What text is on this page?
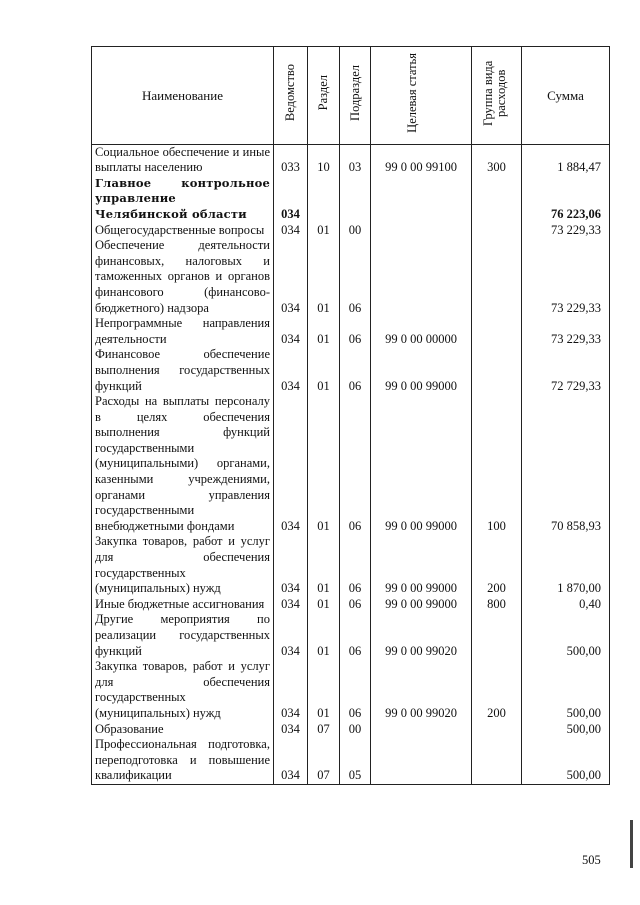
Наименование	Ведомство	Раздел	Подраздел	Целевая статья	Группа вида расходов	Сумма
Социальное обеспечение и иные выплаты населению	033	10	03	99 0 00 99100	300	1 884,47
Главное контрольное управление Челябинской области	034					76 223,06
Общегосударственные вопросы	034	01	00			73 229,33
Обеспечение деятельности финансовых, налоговых и таможенных органов и органов финансового (финансово-бюджетного) надзора	034	01	06			73 229,33
Непрограммные направления деятельности	034	01	06	99 0 00 00000		73 229,33
Финансовое обеспечение выполнения государственных функций	034	01	06	99 0 00 99000		72 729,33
Расходы на выплаты персоналу в целях обеспечения выполнения функций государственными (муниципальными) органами, казенными учреждениями, органами управления государственными внебюджетными фондами	034	01	06	99 0 00 99000	100	70 858,93
Закупка товаров, работ и услуг для обеспечения государственных (муниципальных) нужд	034	01	06	99 0 00 99000	200	1 870,00
Иные бюджетные ассигнования	034	01	06	99 0 00 99000	800	0,40
Другие мероприятия по реализации государственных функций	034	01	06	99 0 00 99020		500,00
Закупка товаров, работ и услуг для обеспечения государственных (муниципальных) нужд	034	01	06	99 0 00 99020	200	500,00
Образование	034	07	00			500,00
Профессиональная подготовка, переподготовка и повышение квалификации	034	07	05			500,00
505
